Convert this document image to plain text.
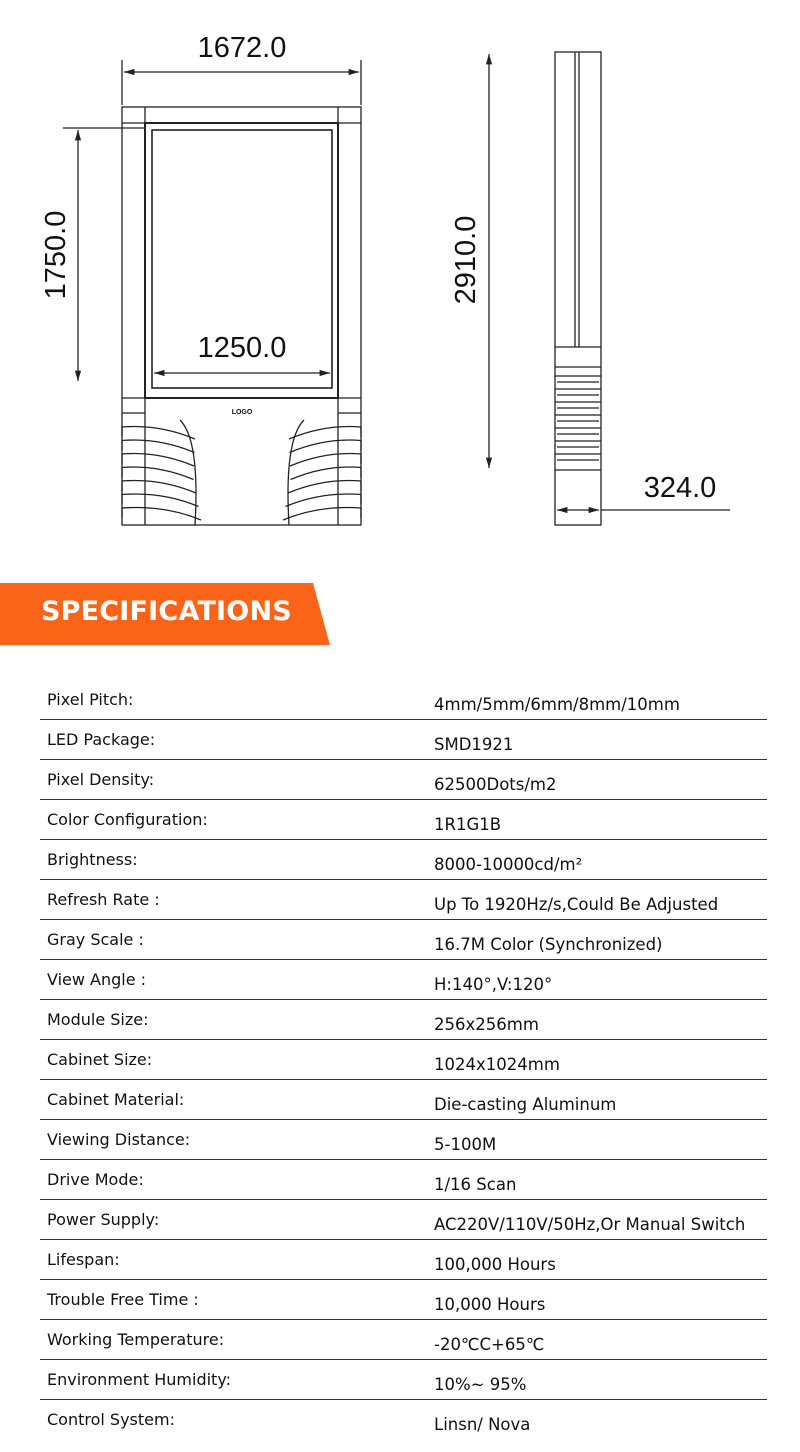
LOGO
1672.0
1750.0
1250.0
2910.0
324.0
SPECIFICATIONS
Pixel Pitch:	4mm/5mm/6mm/8mm/10mm
LED Package:	SMD1921
Pixel Density:	62500Dots/m2
Color Configuration:	1R1G1B
Brightness:	8000-10000cd/m²
Refresh Rate :	Up To 1920Hz/s,Could Be Adjusted
Gray Scale :	16.7M Color (Synchronized)
View Angle :	H:140°,V:120°
Module Size:	256x256mm
Cabinet Size:	1024x1024mm
Cabinet Material:	Die-casting Aluminum
Viewing Distance:	5-100M
Drive Mode:	1/16 Scan
Power Supply:	AC220V/110V/50Hz,Or Manual Switch
Lifespan:	100,000 Hours
Trouble Free Time :	10,000 Hours
Working Temperature:	-20℃C+65℃
Environment Humidity:	10%~ 95%
Control System:	Linsn/ Nova
